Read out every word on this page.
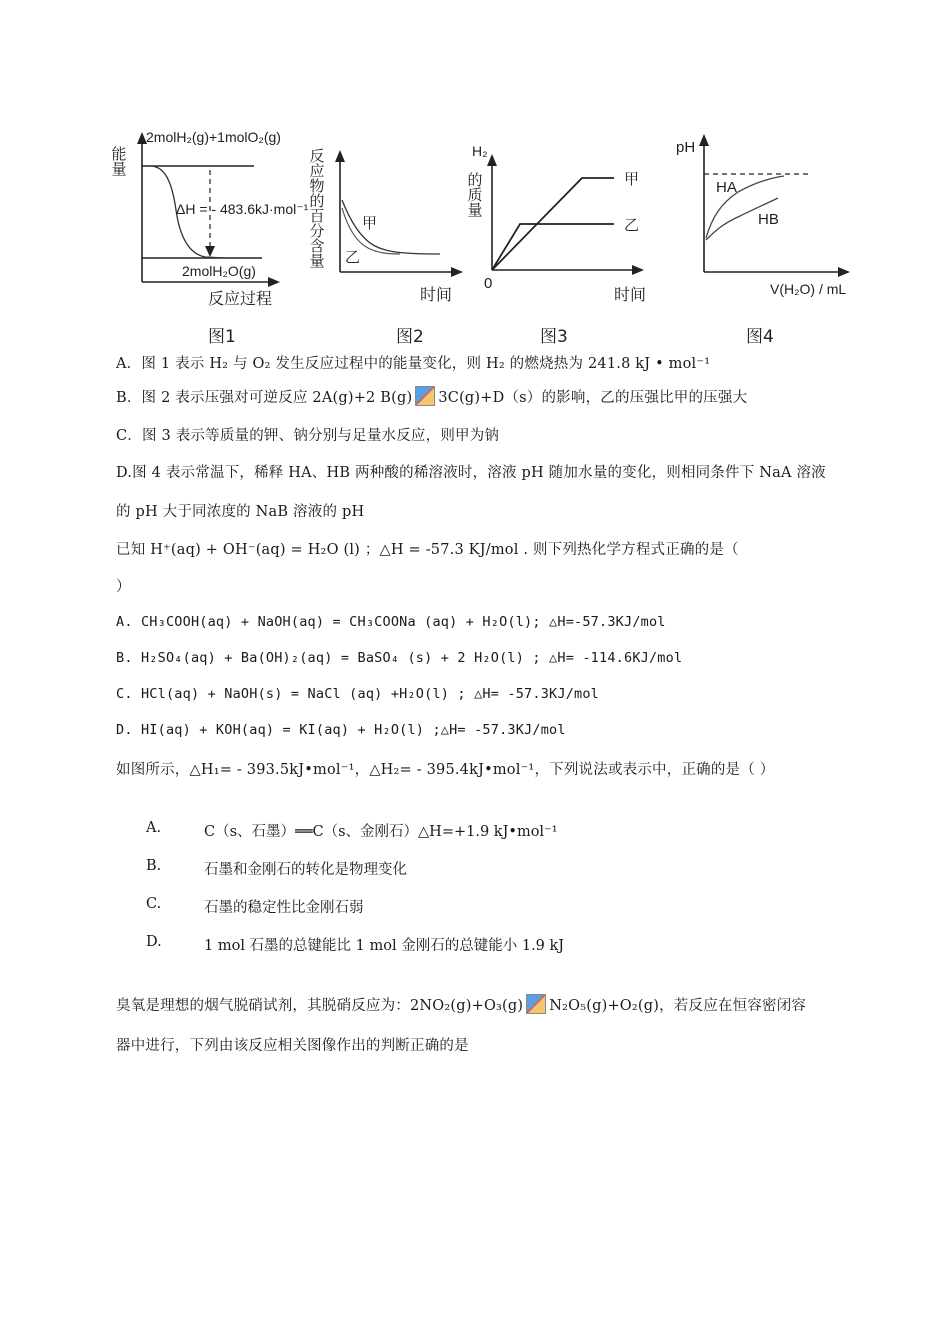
能量
2molH₂(g)+1molO₂(g)
ΔH = - 483.6kJ·mol⁻¹
2molH₂O(g)
反应过程
反应物的百分含量	甲
乙
时间
H₂
的质量
0
甲
乙
时间
pH
HA
HB
V(H₂O) / mL
图1	图2	图3	图4
A．图 1 表示 H₂ 与 O₂ 发生反应过程中的能量变化，则 H₂ 的燃烧热为 241.8 kJ • mol⁻¹
B．图 2 表示压强对可逆反应 2A(g)+2 B(g) 3C(g)+D（s）的影响，乙的压强比甲的压强大
C．图 3 表示等质量的钾、钠分别与足量水反应，则甲为钠
D.图 4 表示常温下，稀释 HA、HB 两种酸的稀溶液时，溶液 pH 随加水量的变化，则相同条件下 NaA 溶液
的 pH 大于同浓度的 NaB 溶液的 pH
已知 H⁺(aq) + OH⁻(aq) = H₂O (l) ；△H = -57.3 KJ/mol . 则下列热化学方程式正确的是（
）
A. CH₃COOH(aq) + NaOH(aq) = CH₃COONa (aq) + H₂O(l); △H=-57.3KJ/mol
B. H₂SO₄(aq) + Ba(OH)₂(aq) = BaSO₄ (s) + 2 H₂O(l) ; △H= -114.6KJ/mol
C. HCl(aq) + NaOH(s) = NaCl (aq) +H₂O(l) ; △H= -57.3KJ/mol
D. HI(aq) + KOH(aq) = KI(aq) + H₂O(l) ;△H= -57.3KJ/mol
如图所示，△H₁= - 393.5kJ•mol⁻¹，△H₂= - 395.4kJ•mol⁻¹，下列说法或表示中，正确的是（ ）
A.	C（s、石墨）══C（s、金刚石）△H=+1.9 kJ•mol⁻¹
B.	石墨和金刚石的转化是物理变化
C.	石墨的稳定性比金刚石弱
D.	1 mol 石墨的总键能比 1 mol 金刚石的总键能小 1.9 kJ
臭氧是理想的烟气脱硝试剂，其脱硝反应为：2NO₂(g)+O₃(g) N₂O₅(g)+O₂(g)，若反应在恒容密闭容
器中进行，下列由该反应相关图像作出的判断正确的是
